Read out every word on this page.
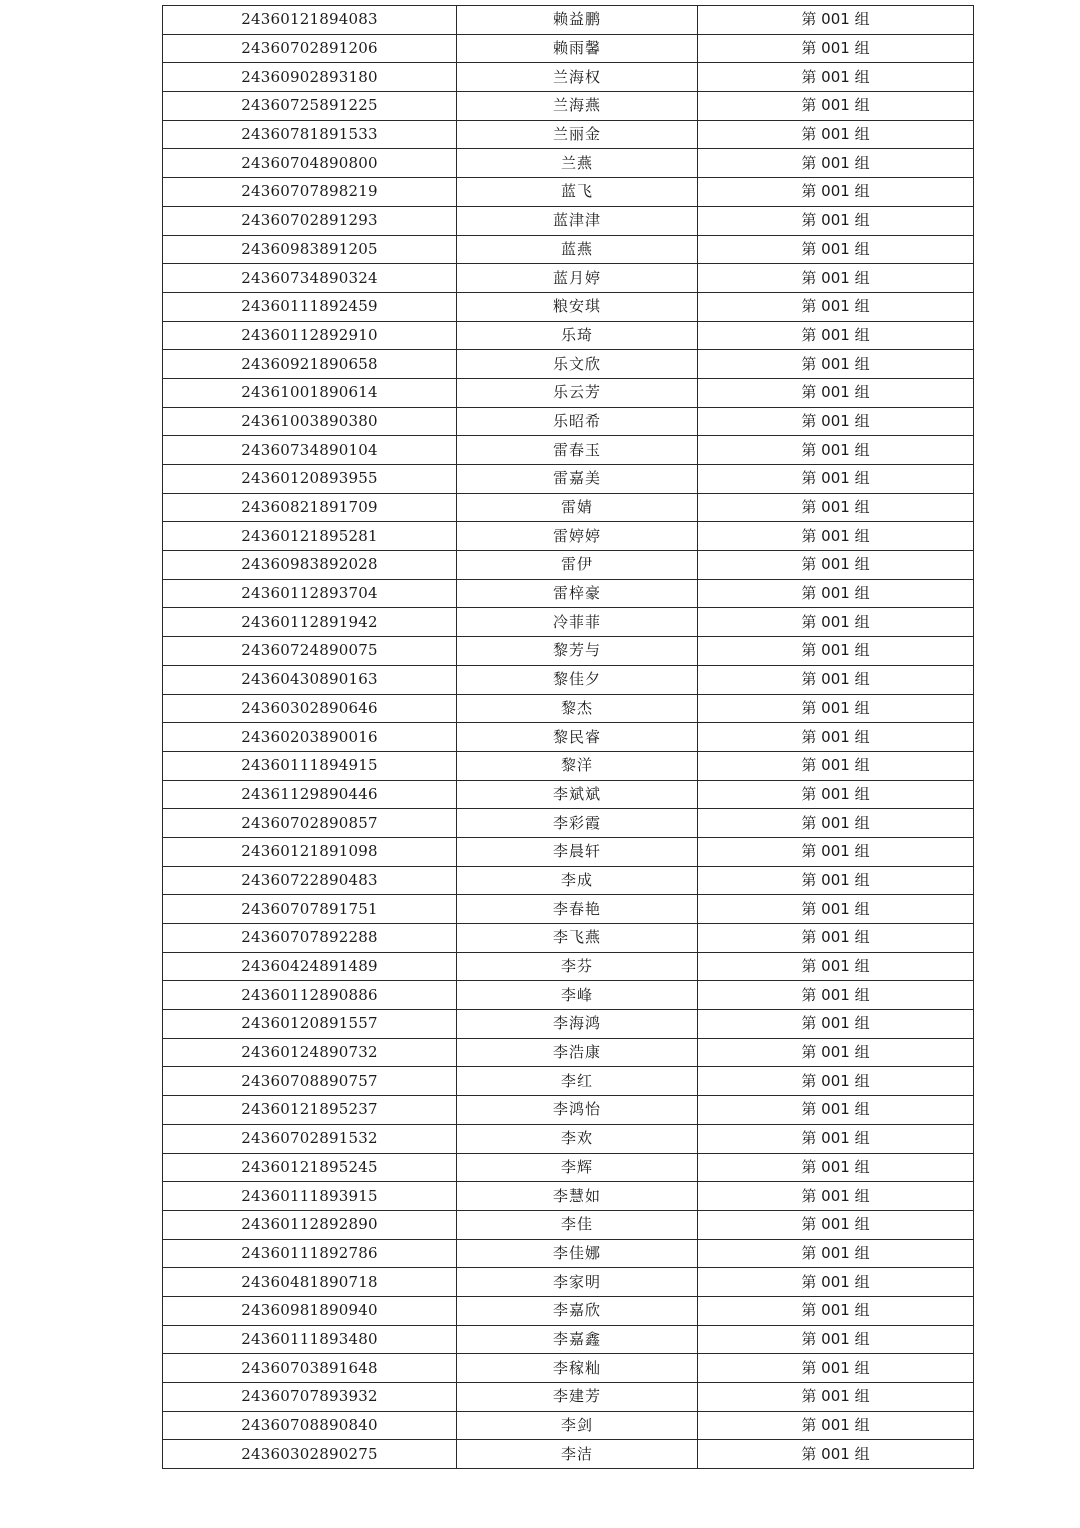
24360121894083	赖益鹏	第 001 组
24360702891206	赖雨馨	第 001 组
24360902893180	兰海权	第 001 组
24360725891225	兰海燕	第 001 组
24360781891533	兰丽金	第 001 组
24360704890800	兰燕	第 001 组
24360707898219	蓝飞	第 001 组
24360702891293	蓝津津	第 001 组
24360983891205	蓝燕	第 001 组
24360734890324	蓝月婷	第 001 组
24360111892459	粮安琪	第 001 组
24360112892910	乐琦	第 001 组
24360921890658	乐文欣	第 001 组
24361001890614	乐云芳	第 001 组
24361003890380	乐昭希	第 001 组
24360734890104	雷春玉	第 001 组
24360120893955	雷嘉美	第 001 组
24360821891709	雷婧	第 001 组
24360121895281	雷婷婷	第 001 组
24360983892028	雷伊	第 001 组
24360112893704	雷梓豪	第 001 组
24360112891942	冷菲菲	第 001 组
24360724890075	黎芳与	第 001 组
24360430890163	黎佳夕	第 001 组
24360302890646	黎杰	第 001 组
24360203890016	黎民睿	第 001 组
24360111894915	黎洋	第 001 组
24361129890446	李斌斌	第 001 组
24360702890857	李彩霞	第 001 组
24360121891098	李晨轩	第 001 组
24360722890483	李成	第 001 组
24360707891751	李春艳	第 001 组
24360707892288	李飞燕	第 001 组
24360424891489	李芬	第 001 组
24360112890886	李峰	第 001 组
24360120891557	李海鸿	第 001 组
24360124890732	李浩康	第 001 组
24360708890757	李红	第 001 组
24360121895237	李鸿怡	第 001 组
24360702891532	李欢	第 001 组
24360121895245	李辉	第 001 组
24360111893915	李慧如	第 001 组
24360112892890	李佳	第 001 组
24360111892786	李佳娜	第 001 组
24360481890718	李家明	第 001 组
24360981890940	李嘉欣	第 001 组
24360111893480	李嘉鑫	第 001 组
24360703891648	李稼籼	第 001 组
24360707893932	李建芳	第 001 组
24360708890840	李剑	第 001 组
24360302890275	李洁	第 001 组
